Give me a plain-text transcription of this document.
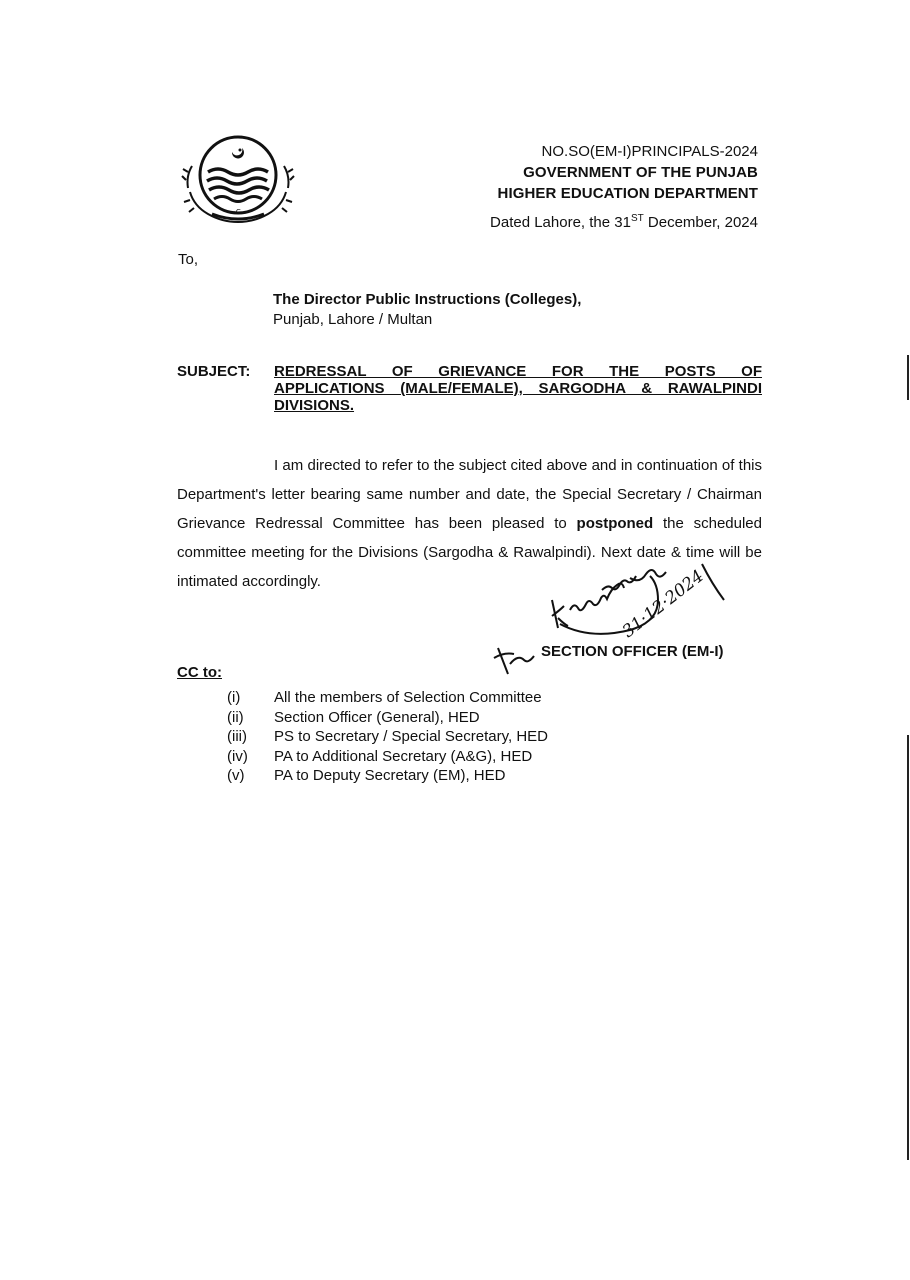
~C-~
NO.SO(EM-I)PRINCIPALS-2024
GOVERNMENT OF THE PUNJAB
HIGHER EDUCATION DEPARTMENT
Dated Lahore, the 31ST December, 2024
To,
The Director Public Instructions (Colleges),
Punjab, Lahore / Multan
SUBJECT: REDRESSAL OF GRIEVANCE FOR THE POSTS OF
APPLICATIONS (MALE/FEMALE), SARGODHA & RAWALPINDI DIVISIONS.
I am directed to refer to the subject cited above and in continuation of this Department's letter bearing same number and date, the Special Secretary / Chairman Grievance Redressal Committee has been pleased to postponed the scheduled committee meeting for the Divisions (Sargodha & Rawalpindi). Next date & time will be intimated accordingly.	31·12·2024
SECTION OFFICER (EM-I)
CC to:
(i)	All the members of Selection Committee
(ii)	Section Officer (General), HED
(iii)	PS to Secretary / Special Secretary, HED
(iv)	PA to Additional Secretary (A&G), HED
(v)	PA to Deputy Secretary (EM), HED
